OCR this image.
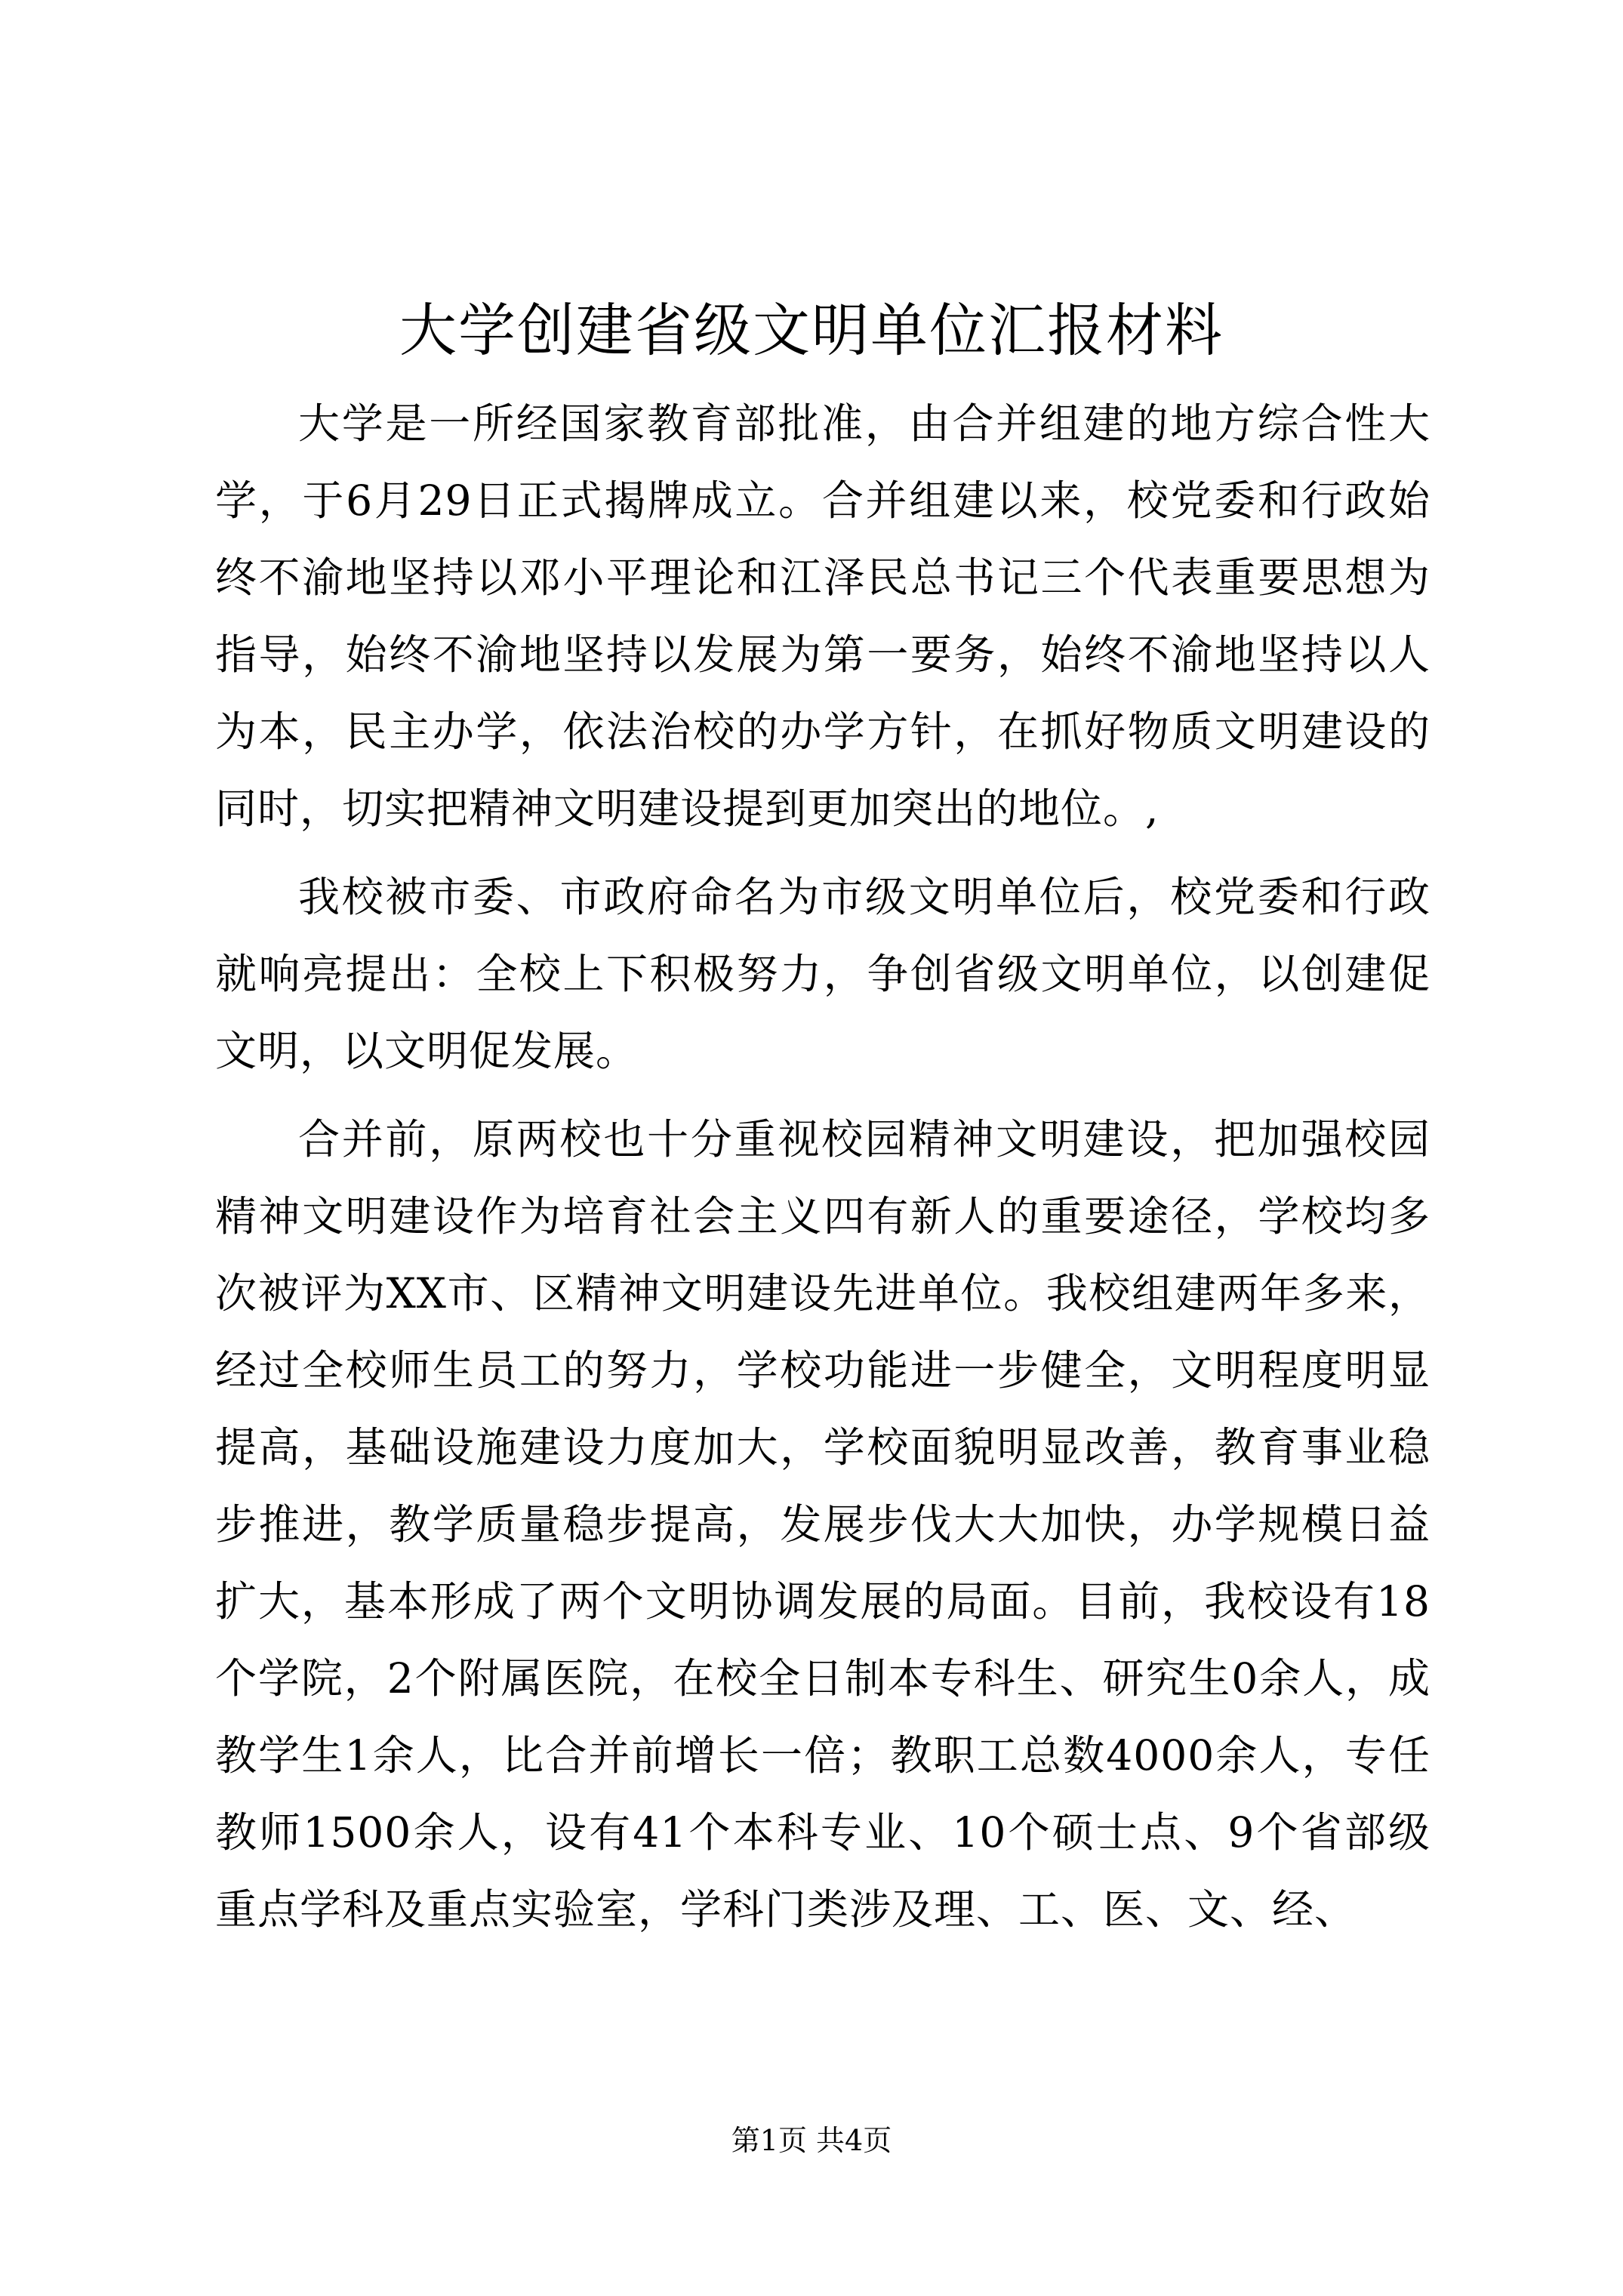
大学创建省级文明单位汇报材料

大学是一所经国家教育部批准，由合并组建的地方综合性大学，于6月29日正式揭牌成立。合并组建以来，校党委和行政始终不渝地坚持以邓小平理论和江泽民总书记三个代表重要思想为指导，始终不渝地坚持以发展为第一要务，始终不渝地坚持以人为本，民主办学，依法治校的办学方针，在抓好物质文明建设的同时，切实把精神文明建设提到更加突出的地位。,

我校被市委、市政府命名为市级文明单位后，校党委和行政就响亮提出：全校上下积极努力，争创省级文明单位，以创建促文明，以文明促发展。

合并前，原两校也十分重视校园精神文明建设，把加强校园精神文明建设作为培育社会主义四有新人的重要途径，学校均多次被评为XX市、区精神文明建设先进单位。我校组建两年多来，经过全校师生员工的努力，学校功能进一步健全，文明程度明显提高，基础设施建设力度加大，学校面貌明显改善，教育事业稳步推进，教学质量稳步提高，发展步伐大大加快，办学规模日益扩大，基本形成了两个文明协调发展的局面。目前，我校设有18个学院，2个附属医院，在校全日制本专科生、研究生0余人，成教学生1余人，比合并前增长一倍；教职工总数4000余人，专任教师1500余人，设有41个本科专业、10个硕士点、9个省部级重点学科及重点实验室，学科门类涉及理、工、医、文、经、

第1页 共4页
